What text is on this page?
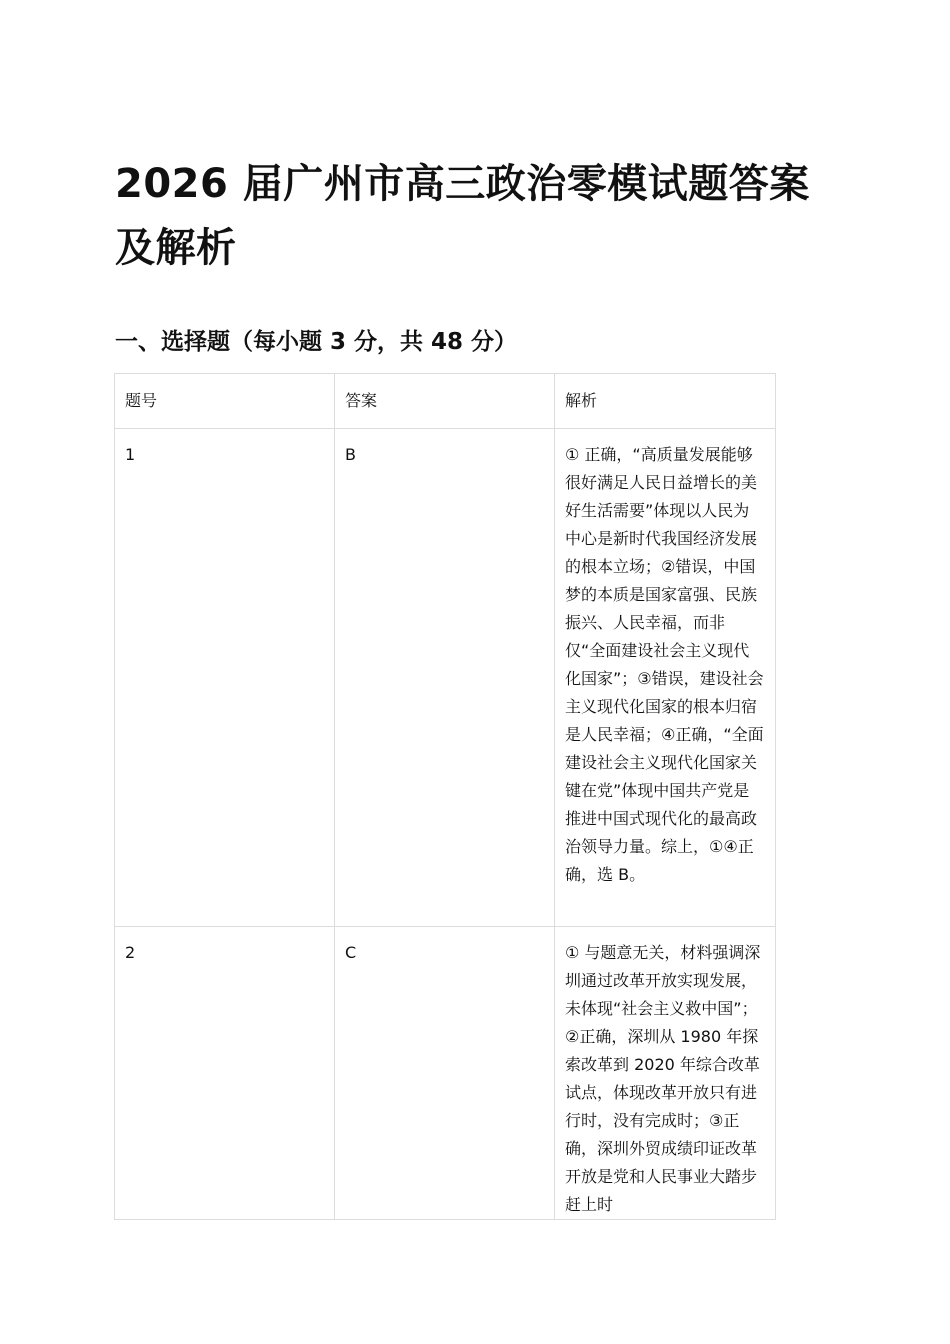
2026 届广州市高三政治零模试题答案及解析
一、选择题（每小题 3 分，共 48 分）
题号	答案	解析
1	B	① 正确，“高质量发展能够很好满足人民日益增长的美好生活需要”体现以人民为中心是新时代我国经济发展的根本立场；②错误，中国梦的本质是国家富强、民族振兴、人民幸福，而非仅“全面建设社会主义现代化国家”；③错误，建设社会主义现代化国家的根本归宿是人民幸福；④正确，“全面建设社会主义现代化国家关键在党”体现中国共产党是推进中国式现代化的最高政治领导力量。综上，①④正确，选 B。
2	C	① 与题意无关，材料强调深圳通过改革开放实现发展，未体现“社会主义救中国”；②正确，深圳从 1980 年探索改革到 2020 年综合改革试点，体现改革开放只有进行时，没有完成时；③正确，深圳外贸成绩印证改革开放是党和人民事业大踏步赶上时
